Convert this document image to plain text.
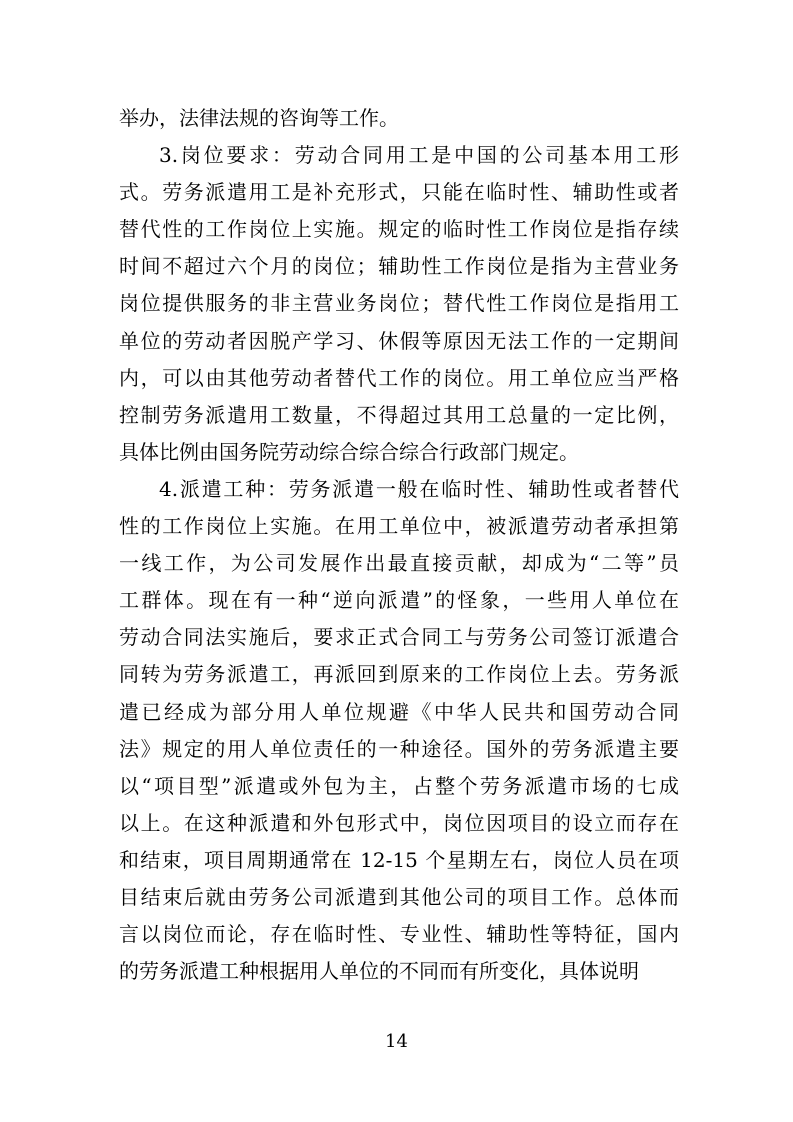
举办，法律法规的咨询等工作。
3.岗位要求：劳动合同用工是中国的公司基本用工形
式。劳务派遣用工是补充形式，只能在临时性、辅助性或者
替代性的工作岗位上实施。规定的临时性工作岗位是指存续
时间不超过六个月的岗位；辅助性工作岗位是指为主营业务
岗位提供服务的非主营业务岗位；替代性工作岗位是指用工
单位的劳动者因脱产学习、休假等原因无法工作的一定期间
内，可以由其他劳动者替代工作的岗位。用工单位应当严格
控制劳务派遣用工数量，不得超过其用工总量的一定比例，
具体比例由国务院劳动综合综合综合行政部门规定。
4.派遣工种：劳务派遣一般在临时性、辅助性或者替代
性的工作岗位上实施。在用工单位中，被派遣劳动者承担第
一线工作，为公司发展作出最直接贡献，却成为“二等”员
工群体。现在有一种“逆向派遣”的怪象，一些用人单位在
劳动合同法实施后，要求正式合同工与劳务公司签订派遣合
同转为劳务派遣工，再派回到原来的工作岗位上去。劳务派
遣已经成为部分用人单位规避《中华人民共和国劳动合同
法》规定的用人单位责任的一种途径。国外的劳务派遣主要
以“项目型”派遣或外包为主，占整个劳务派遣市场的七成
以上。在这种派遣和外包形式中，岗位因项目的设立而存在
和结束，项目周期通常在 12-15 个星期左右，岗位人员在项
目结束后就由劳务公司派遣到其他公司的项目工作。总体而
言以岗位而论，存在临时性、专业性、辅助性等特征，国内
的劳务派遣工种根据用人单位的不同而有所变化，具体说明
14
